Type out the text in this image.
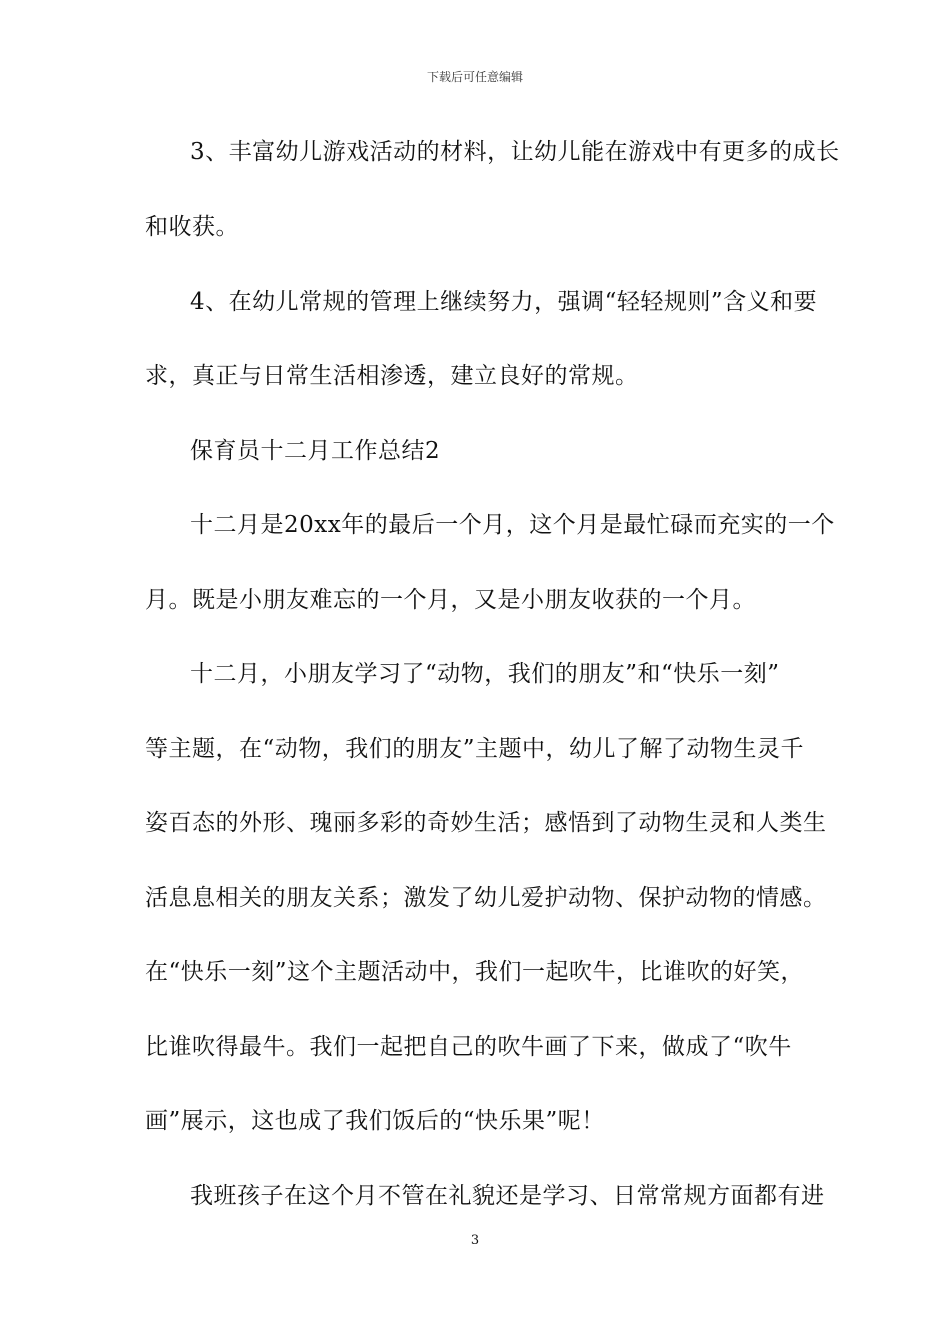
下载后可任意编辑
3、丰富幼儿游戏活动的材料，让幼儿能在游戏中有更多的成长
和收获。
4、在幼儿常规的管理上继续努力，强调“轻轻规则”含义和要
求，真正与日常生活相渗透，建立良好的常规。
保育员十二月工作总结2
十二月是20xx年的最后一个月，这个月是最忙碌而充实的一个
月。既是小朋友难忘的一个月，又是小朋友收获的一个月。
十二月，小朋友学习了“动物，我们的朋友”和“快乐一刻”
等主题，在“动物，我们的朋友”主题中，幼儿了解了动物生灵千
姿百态的外形、瑰丽多彩的奇妙生活；感悟到了动物生灵和人类生
活息息相关的朋友关系；激发了幼儿爱护动物、保护动物的情感。
在“快乐一刻”这个主题活动中，我们一起吹牛，比谁吹的好笑，
比谁吹得最牛。我们一起把自己的吹牛画了下来，做成了“吹牛
画”展示，这也成了我们饭后的“快乐果”呢！
我班孩子在这个月不管在礼貌还是学习、日常常规方面都有进
3
